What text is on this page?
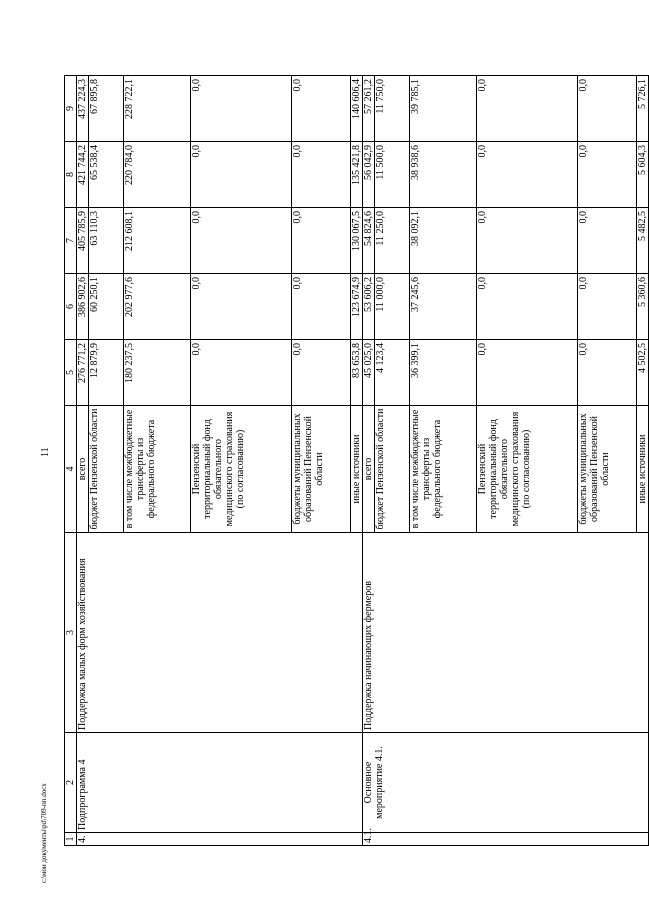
11
c:\мои документы\pd\709-пп.docx 1	2	3	4	5	6	7	8	9
4.	Подпрограмма 4	Поддержка малых форм хозяйствования	всего	276 771,2	386 902,6	405 785,9	421 744,2	437 224,3
			бюджет Пензенской области	12 879,9	60 250,1	63 110,3	65 538,4	67 895,8
			в том числе межбюджетные трансферты из федерального бюджета	180 237,5	202 977,6	212 608,1	220 784,0	228 722,1
			Пензенский территориальный фонд обязательного медицинского страхования (по согласованию)	0,0	0,0	0,0	0,0	0,0
			бюджеты муниципальных образований Пензенской области	0,0	0,0	0,0	0,0	0,0
			иные источники	83 653,8	123 674,9	130 067,5	135 421,8	140 606,4
4.1.	Основное мероприятие 4.1.	Поддержка начинающих фермеров	всего	45 025,0	53 606,2	54 824,6	56 042,9	57 261,2
			бюджет Пензенской области	4 123,4	11 000,0	11 250,0	11 500,0	11 750,0
			в том числе межбюджетные трансферты из федерального бюджета	36 399,1	37 245,6	38 092,1	38 938,6	39 785,1
			Пензенский территориальный фонд обязательного медицинского страхования (по согласованию)	0,0	0,0	0,0	0,0	0,0
			бюджеты муниципальных образований Пензенской области	0,0	0,0	0,0	0,0	0,0
			иные источники	4 502,5	5 360,6	5 482,5	5 604,3	5 726,1
